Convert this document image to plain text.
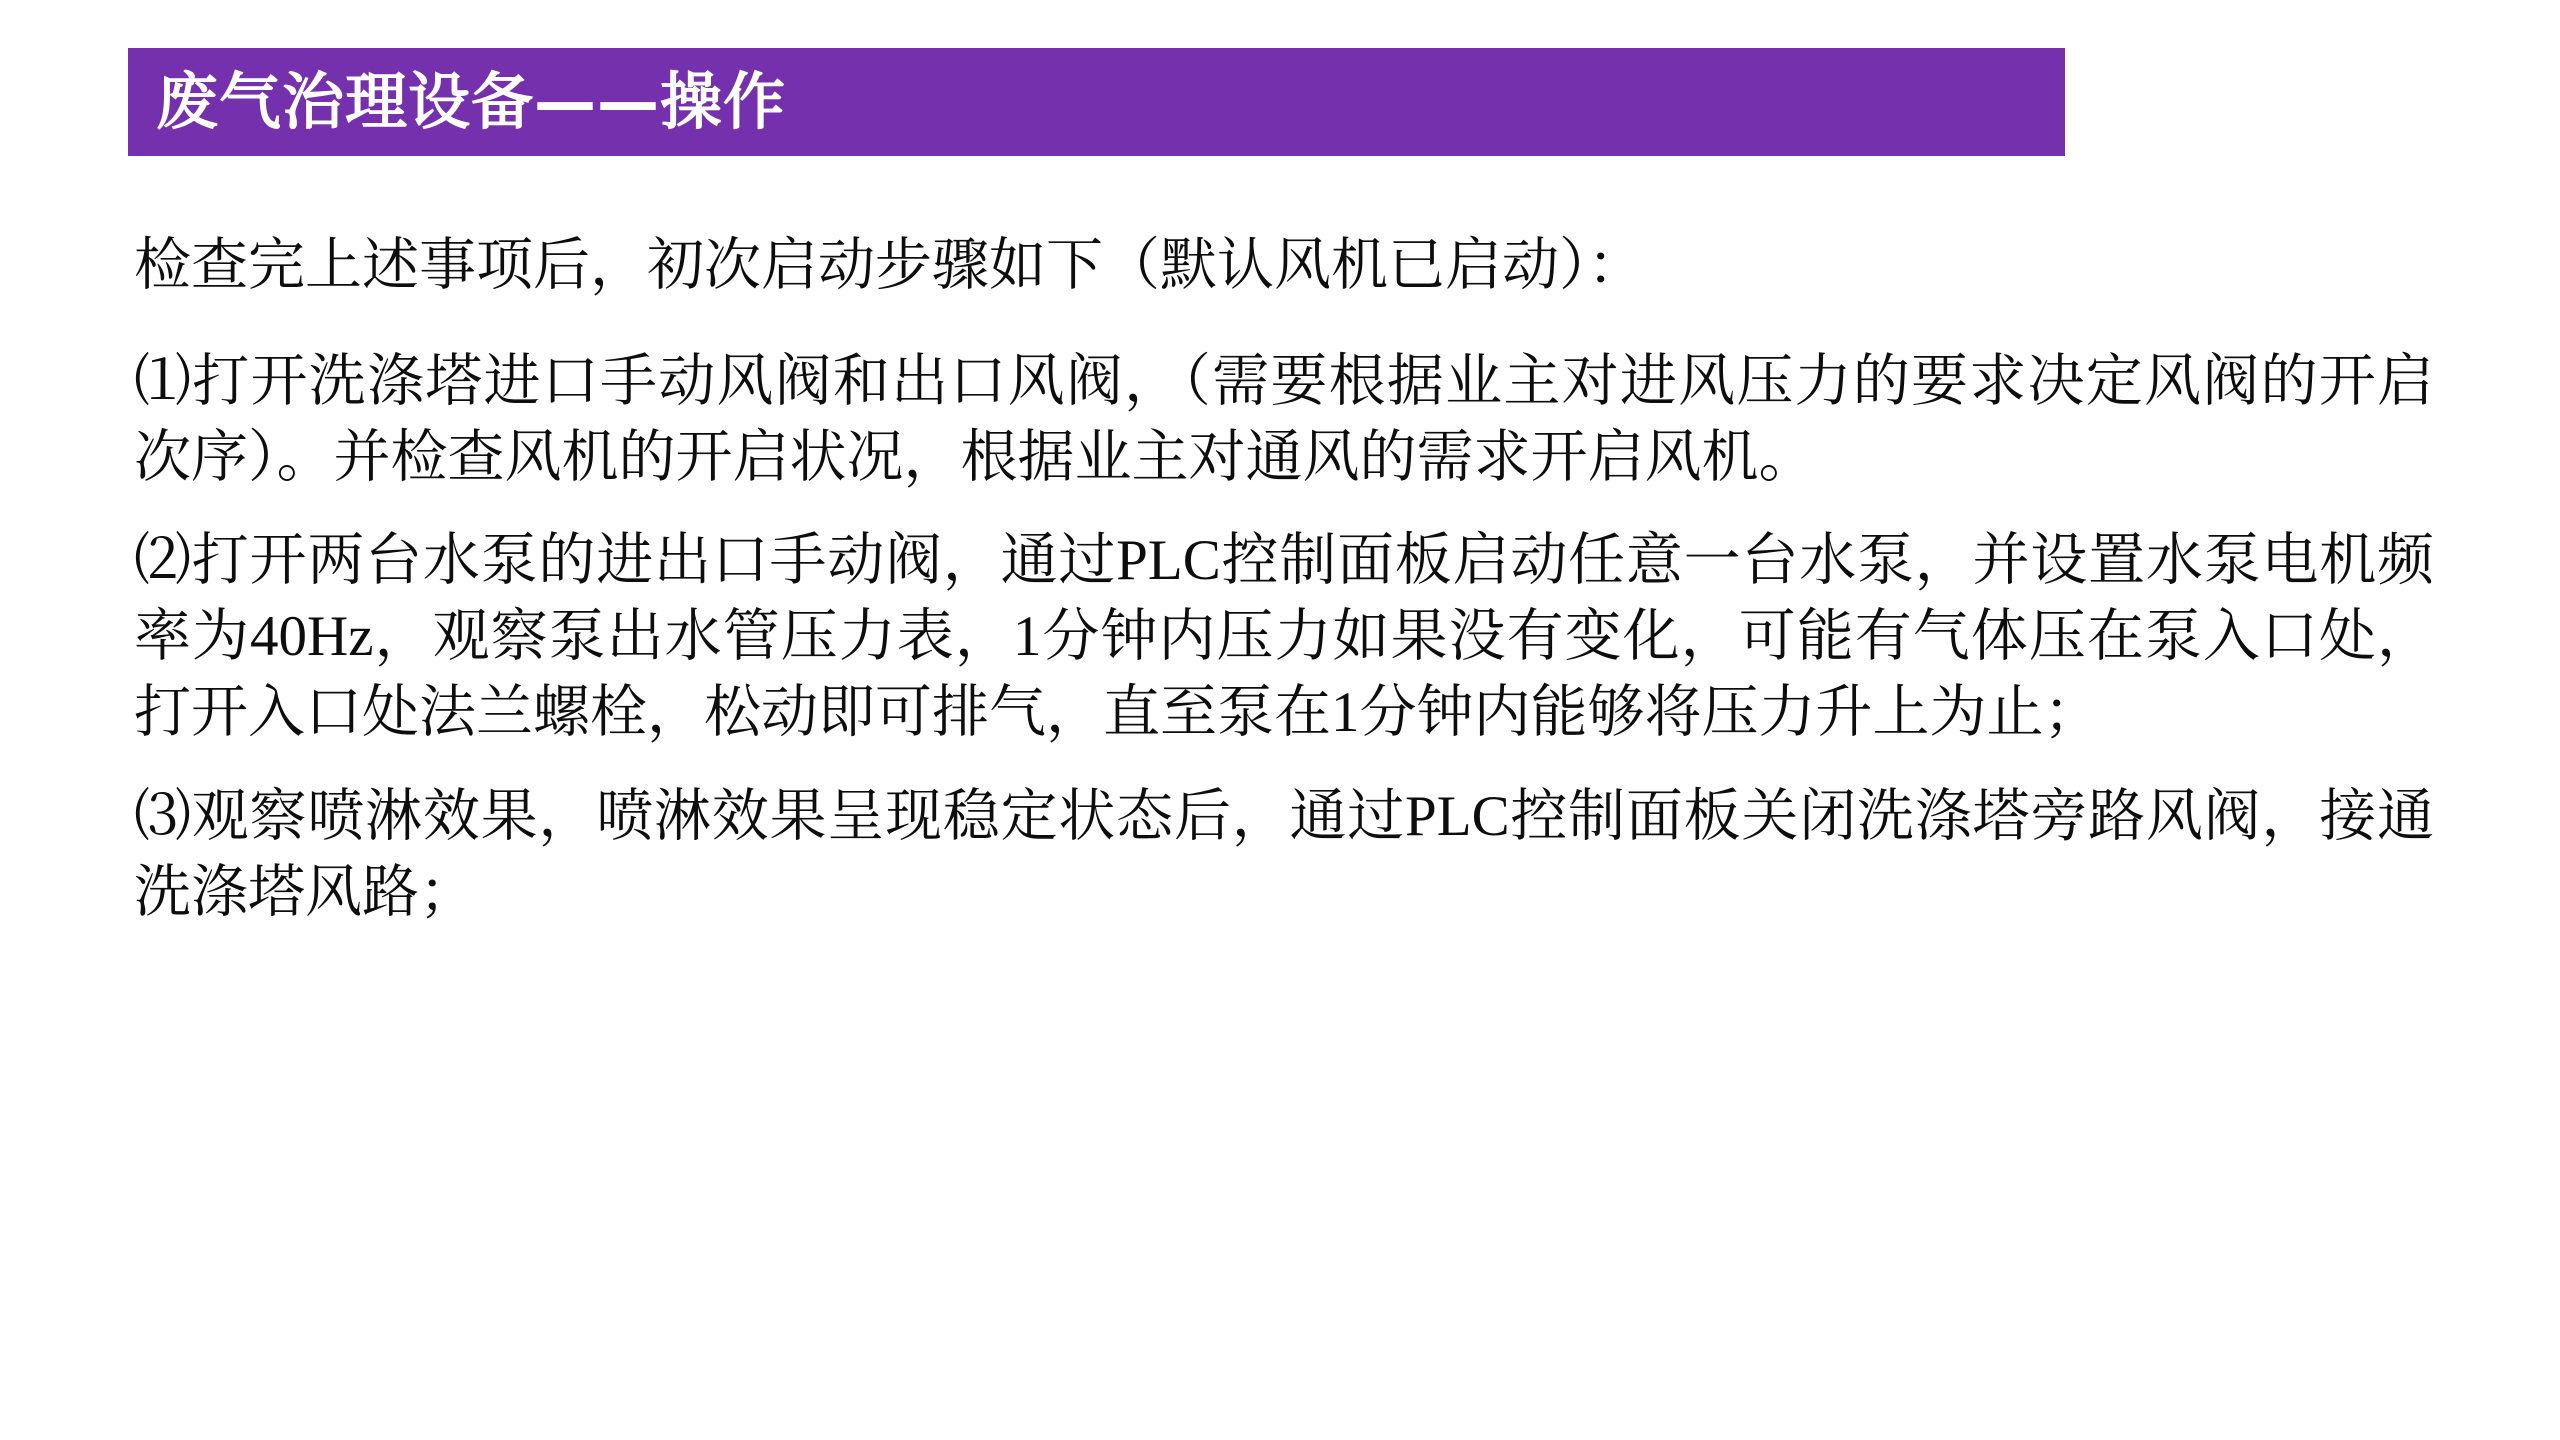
废气治理设备——操作

检查完上述事项后，初次启动步骤如下（默认风机已启动）：

⑴打开洗涤塔进口手动风阀和出口风阀，（需要根据业主对进风压力的要求决定风阀的开启次序）。并检查风机的开启状况，根据业主对通风的需求开启风机。

⑵打开两台水泵的进出口手动阀，通过PLC控制面板启动任意一台水泵，并设置水泵电机频率为40Hz，观察泵出水管压力表，1分钟内压力如果没有变化，可能有气体压在泵入口处，打开入口处法兰螺栓，松动即可排气，直至泵在1分钟内能够将压力升上为止；

⑶观察喷淋效果，喷淋效果呈现稳定状态后，通过PLC控制面板关闭洗涤塔旁路风阀，接通洗涤塔风路；
